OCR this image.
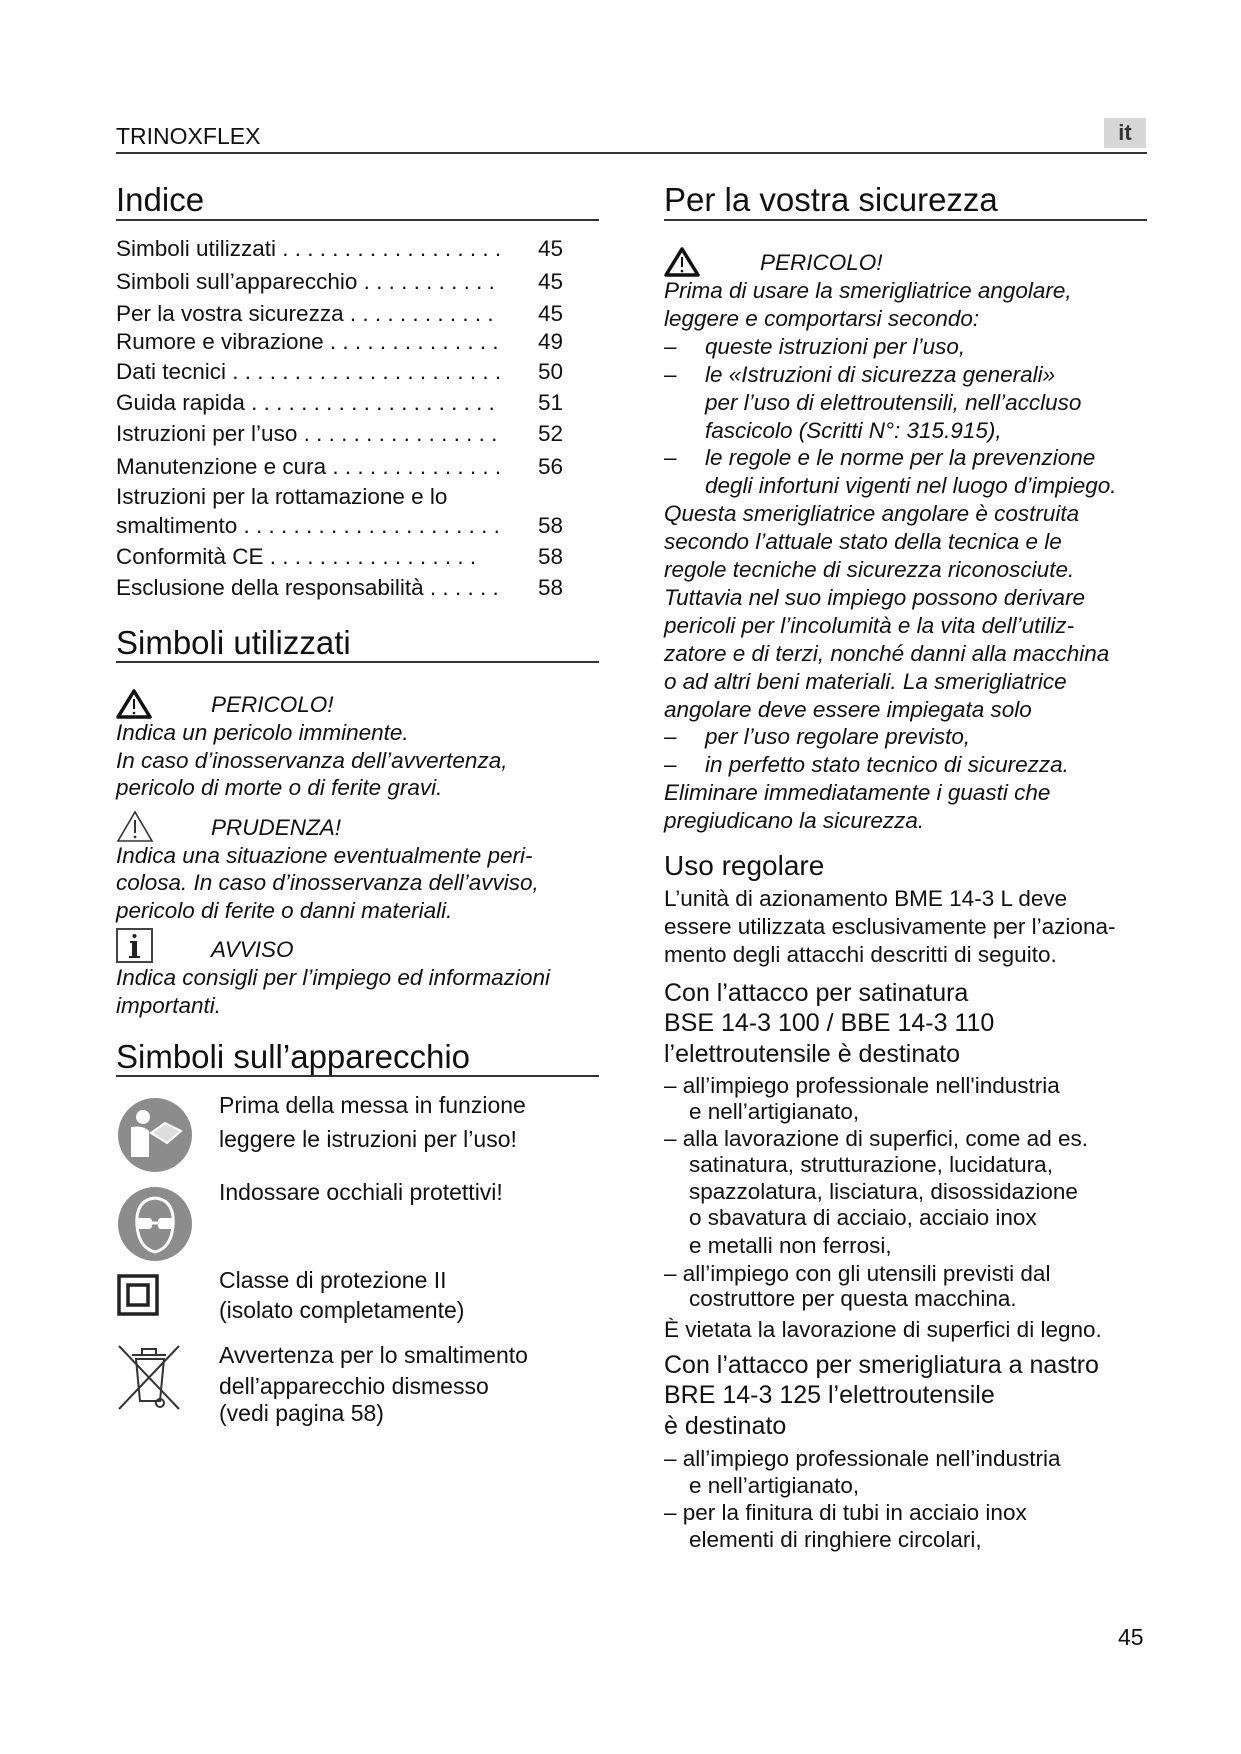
TRINOXFLEX	it
Indice
Simboli utilizzati . . . . . . . . . . . . . . . . . . 45
Simboli sull’apparecchio . . . . . . . . . . . 45
Per la vostra sicurezza . . . . . . . . . . . . 45
Rumore e vibrazione . . . . . . . . . . . . . . 49
Dati tecnici . . . . . . . . . . . . . . . . . . . . . . 50
Guida rapida . . . . . . . . . . . . . . . . . . . . 51
Istruzioni per l’uso . . . . . . . . . . . . . . . . 52
Manutenzione e cura . . . . . . . . . . . . . . 56
Istruzioni per la rottamazione e lo
smaltimento . . . . . . . . . . . . . . . . . . . . . 58
Conformità CE . . . . . . . . . . . . . . . . .	58
Esclusione della responsabilità . . . . . . 58
Simboli utilizzati
PERICOLO!
Indica un pericolo imminente.
In caso d’inosservanza dell’avvertenza,
pericolo di morte o di ferite gravi.
PRUDENZA!
Indica una situazione eventualmente peri-
colosa. In caso d’inosservanza dell’avviso,
pericolo di ferite o danni materiali.
AVVISO
Indica consigli per l’impiego ed informazioni
importanti.
Simboli sull’apparecchio
Prima della messa in funzione
leggere le istruzioni per l’uso!
Indossare occhiali protettivi!
Classe di protezione II
(isolato completamente)
Avvertenza per lo smaltimento
dell’apparecchio dismesso
(vedi pagina 58)
Per la vostra sicurezza
PERICOLO!
Prima di usare la smerigliatrice angolare,
leggere e comportarsi secondo:
– queste istruzioni per l’uso,
– le «Istruzioni di sicurezza generali»
per l’uso di elettroutensili, nell’accluso
fascicolo (Scritti N°: 315.915),
– le regole e le norme per la prevenzione
degli infortuni vigenti nel luogo d’impiego.
Questa smerigliatrice angolare è costruita
secondo l’attuale stato della tecnica e le
regole tecniche di sicurezza riconosciute.
Tuttavia nel suo impiego possono derivare
pericoli per l’incolumità e la vita dell’utiliz-
zatore e di terzi, nonché danni alla macchina
o ad altri beni materiali. La smerigliatrice
angolare deve essere impiegata solo
– per l’uso regolare previsto,
– in perfetto stato tecnico di sicurezza.
Eliminare immediatamente i guasti che
pregiudicano la sicurezza.
Uso regolare
L’unità di azionamento BME 14-3 L deve
essere utilizzata esclusivamente per l’aziona-
mento degli attacchi descritti di seguito.
– all’impiego professionale nell'industria
e nell’artigianato,
– alla lavorazione di superfici, come ad es.
satinatura, strutturazione, lucidatura,
spazzolatura, lisciatura, disossidazione
o sbavatura di acciaio, acciaio inox
e metalli non ferrosi,
– all’impiego con gli utensili previsti dal
costruttore per questa macchina.
È vietata la lavorazione di superfici di legno.
Con l’attacco per satinatura
BSE 14-3 100 / BBE 14-3 110
l’elettroutensile è destinato
– all’impiego professionale nell’industria
e nell’artigianato,
– per la finitura di tubi in acciaio inox
elementi di ringhiere circolari,
Con l’attacco per smerigliatura a nastro
BRE 14-3 125 l’elettroutensile
è destinato
45
